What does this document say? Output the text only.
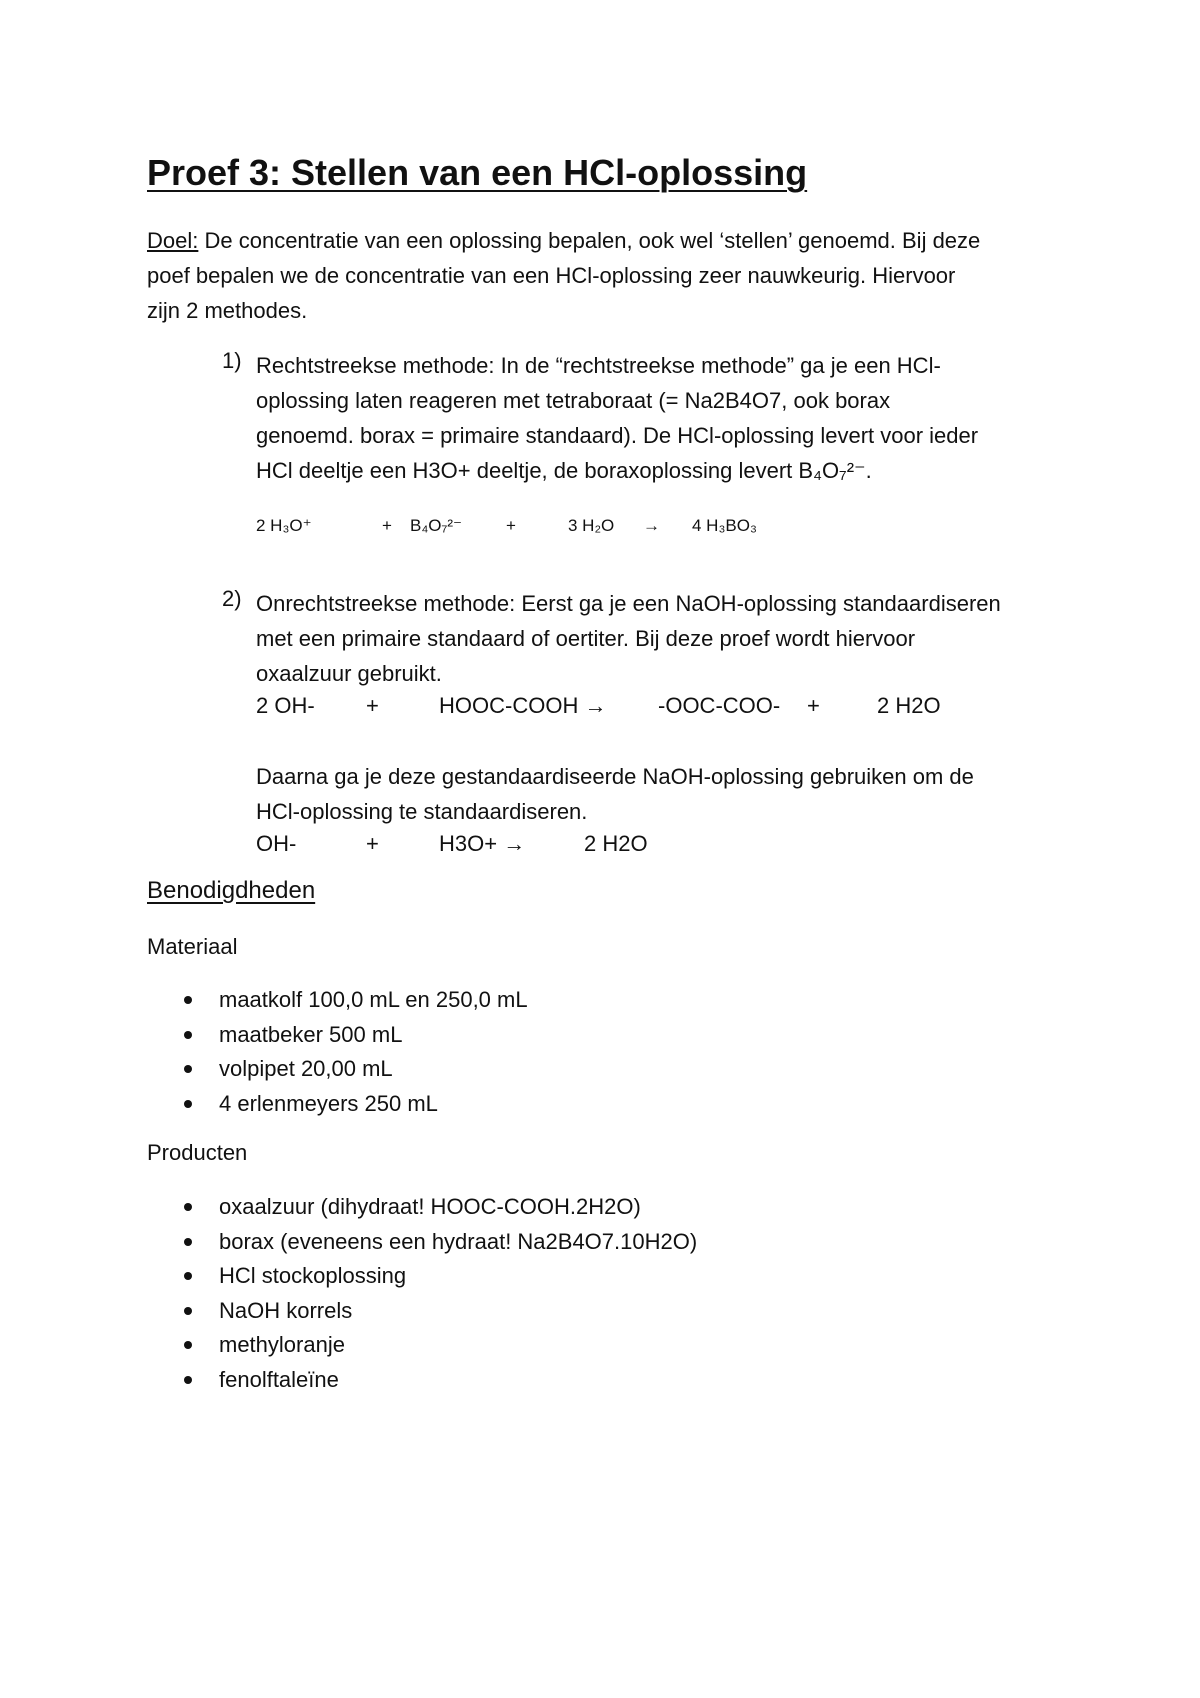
Proef 3: Stellen van een HCl-oplossing
Doel: De concentratie van een oplossing bepalen, ook wel ‘stellen’ genoemd. Bij deze
poef bepalen we de concentratie van een HCl-oplossing zeer nauwkeurig. Hiervoor
zijn 2 methodes.
1) Rechtstreekse methode: In de “rechtstreekse methode” ga je een HCl-
oplossing laten reageren met tetraboraat (= Na2B4O7, ook borax
genoemd. borax = primaire standaard). De HCl-oplossing levert voor ieder
HCl deeltje een H3O+ deeltje, de boraxoplossing levert B₄O₇²⁻.
2 H₃O⁺	+ B₄O₇²⁻	+	3 H₂O → 4 H₃BO₃
2) Onrechtstreekse methode: Eerst ga je een NaOH-oplossing standaardiseren
met een primaire standaard of oertiter. Bij deze proef wordt hiervoor
oxaalzuur gebruikt.
2 OH- +	HOOC-COOH → -OOC-COO- +	2 H2O
Daarna ga je deze gestandaardiseerde NaOH-oplossing gebruiken om de
HCl-oplossing te standaardiseren.
OH-	+	H3O+ →	2 H2O
Benodigdheden
Materiaal
maatkolf 100,0 mL en 250,0 mL
maatbeker 500 mL
volpipet 20,00 mL
4 erlenmeyers 250 mL
Producten
oxaalzuur (dihydraat! HOOC-COOH.2H2O)
borax (eveneens een hydraat! Na2B4O7.10H2O)
HCl stockoplossing
NaOH korrels
methyloranje
fenolftaleïne
